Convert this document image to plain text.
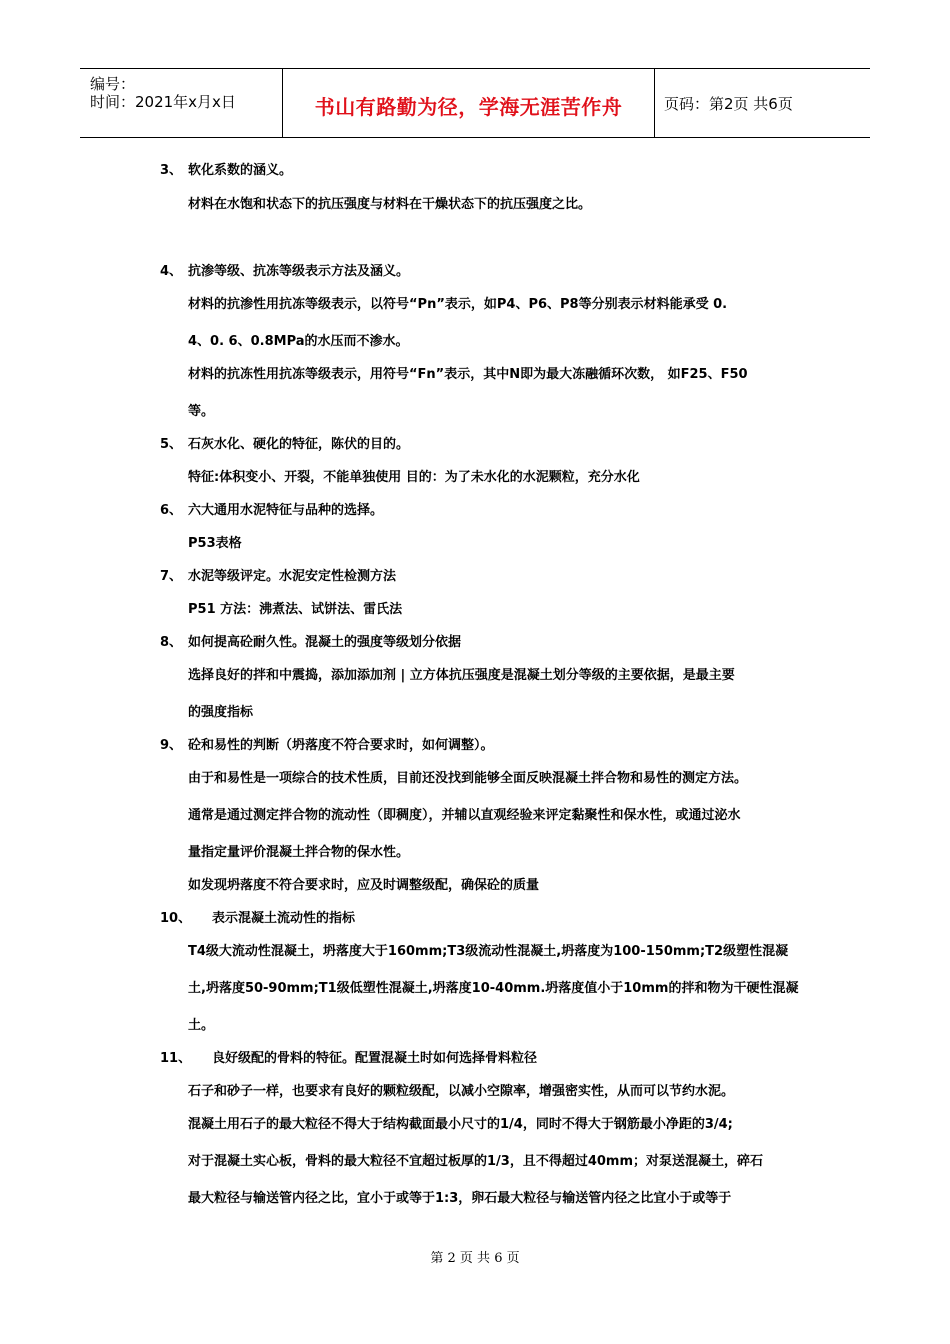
编号：
时间：2021年x月x日	书山有路勤为径，学海无涯苦作舟	页码：第2页 共6页
3、 软化系数的涵义。
材料在水饱和状态下的抗压强度与材料在干燥状态下的抗压强度之比。
4、 抗渗等级、抗冻等级表示方法及涵义。
材料的抗渗性用抗冻等级表示，以符号“Pn”表示，如P4、P6、P8等分别表示材料能承受 0.
4、0. 6、0.8MPa的水压而不渗水。
材料的抗冻性用抗冻等级表示，用符号“Fn”表示，其中N即为最大冻融循环次数， 如F25、F50
等。
5、 石灰水化、硬化的特征，陈伏的目的。
特征:体积变小、开裂，不能单独使用 目的：为了未水化的水泥颗粒，充分水化
6、 六大通用水泥特征与品种的选择。
P53表格
7、 水泥等级评定。水泥安定性检测方法
P51 方法：沸煮法、试饼法、雷氏法
8、 如何提高砼耐久性。混凝土的强度等级划分依据
选择良好的拌和中震捣，添加添加剂 | 立方体抗压强度是混凝土划分等级的主要依据，是最主要
的强度指标
9、 砼和易性的判断（坍落度不符合要求时，如何调整）。
由于和易性是一项综合的技术性质，目前还没找到能够全面反映混凝土拌合物和易性的测定方法。
通常是通过测定拌合物的流动性（即稠度），并辅以直观经验来评定黏聚性和保水性，或通过泌水
量指定量评价混凝土拌合物的保水性。
如发现坍落度不符合要求时，应及时调整级配，确保砼的质量
10、 表示混凝土流动性的指标
T4级大流动性混凝土，坍落度大于160mm;T3级流动性混凝土,坍落度为100-150mm;T2级塑性混凝
土,坍落度50-90mm;T1级低塑性混凝土,坍落度10-40mm.坍落度值小于10mm的拌和物为干硬性混凝
土。
11、 良好级配的骨料的特征。配置混凝土时如何选择骨料粒径
石子和砂子一样，也要求有良好的颗粒级配，以减小空隙率，增强密实性，从而可以节约水泥。
混凝土用石子的最大粒径不得大于结构截面最小尺寸的1/4，同时不得大于钢筋最小净距的3/4;
对于混凝土实心板，骨料的最大粒径不宜超过板厚的1/3，且不得超过40mm；对泵送混凝土，碎石
最大粒径与输送管内径之比，宜小于或等于1:3，卵石最大粒径与输送管内径之比宜小于或等于
第 2 页 共 6 页
